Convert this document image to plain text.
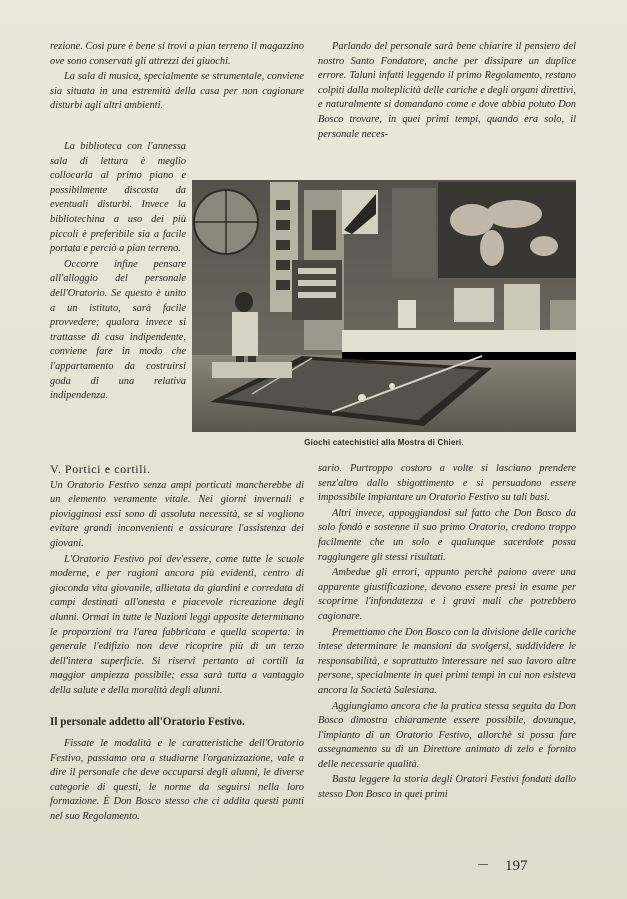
rezione. Così pure è bene si trovi a pian terreno il magazzino ove sono conservati gli attrezzi dei giuochi.

La sala di musica, specialmente se strumentale, conviene sia situata in una estremità della casa per non cagionare disturbi agli altri ambienti.

La biblioteca con l'annessa sala di lettura è meglio collocarla al primo piano e possibilmente discosta da eventuali disturbi. Invece la bibliotechina a uso dei più piccoli è preferibile sia a facile portata e perciò a pian terreno.

Occorre infine pensare all'alloggio del personale dell'Oratorio. Se questo è unito a un istituto, sarà facile provvedere; qualora invece si trattasse di casa indipendente, conviene fare in modo che l'appartamento da costruirsi goda di una relativa indipendenza.

Parlando del personale sarà bene chiarire il pensiero del nostro Santo Fondatore, anche per dissipare un duplice errore. Taluni infatti leggendo il primo Regolamento, restano colpiti dalla molteplicità delle cariche e degli organi direttivi, e naturalmente si domandano come e dove abbia potuto Don Bosco trovare, in quei primi tempi, quando era solo, il personale neces-

Giochi catechistici alla Mostra di Chieri.

V. Portici e cortili.

Un Oratorio Festivo senza ampi porticati mancherebbe di un elemento veramente vitale. Nei giorni invernali e piovigginosi essi sono di assoluta necessità, se si vogliono evitare grandi inconvenienti e assicurare l'assistenza dei giovani.

L'Oratorio Festivo poi dev'essere, come tutte le scuole moderne, e per ragioni ancora più evidenti, centro di gioconda vita giovanile, allietata da giardini e corredata di campi destinati all'onesta e piacevole ricreazione degli alunni. Ormai in tutte le Nazioni leggi apposite determinano le proporzioni tra l'area fabbricata e quella scoperta: in generale l'edifizio non deve ricoprire più di un terzo dell'intera superficie. Si riservi pertanto ai cortili la maggior ampiezza possibile; essa sarà tutta a vantaggio della salute e della moralità degli alunni.

Il personale addetto all'Oratorio Festivo.

Fissate le modalità e le caratteristiche dell'Oratorio Festivo, passiamo ora a studiarne l'organizzazione, vale a dire il personale che deve occuparsi degli alunni, le diverse categorie di questi, le norme da seguirsi nella loro formazione. È Don Bosco stesso che ci addita questi punti nel suo Regolamento.

sario. Purtroppo costoro a volte si lasciano prendere senz'altro dallo sbigottimento e si persuadono essere impossibile impiantare un Oratorio Festivo su tali basi.

Altri invece, appoggiandosi sul fatto che Don Bosco da solo fondò e sostenne il suo primo Oratorio, credono troppo facilmente che un solo e qualunque sacerdote possa raggiungere gli stessi risultati.

Ambedue gli errori, appunto perchè paiono avere una apparente giustificazione, devono essere presi in esame per scoprirne l'infondatezza e i gravi mali che potrebbero cagionare.

Premettiamo che Don Bosco con la divisione delle cariche intese determinare le mansioni da svolgersi, suddividere le responsabilità, e soprattutto interessare nel suo lavoro altre persone, specialmente in quei primi tempi in cui non esisteva ancora la Società Salesiana.

Aggiungiamo ancora che la pratica stessa seguita da Don Bosco dimostra chiaramente essere possibile, dovunque, l'impianto di un Oratorio Festivo, allorchè si possa fare assegnamento su di un Direttore animato di zelo e fornito delle necessarie qualità.

Basta leggere la storia degli Oratori Festivi fondati dallo stesso Don Bosco in quei primi

197
